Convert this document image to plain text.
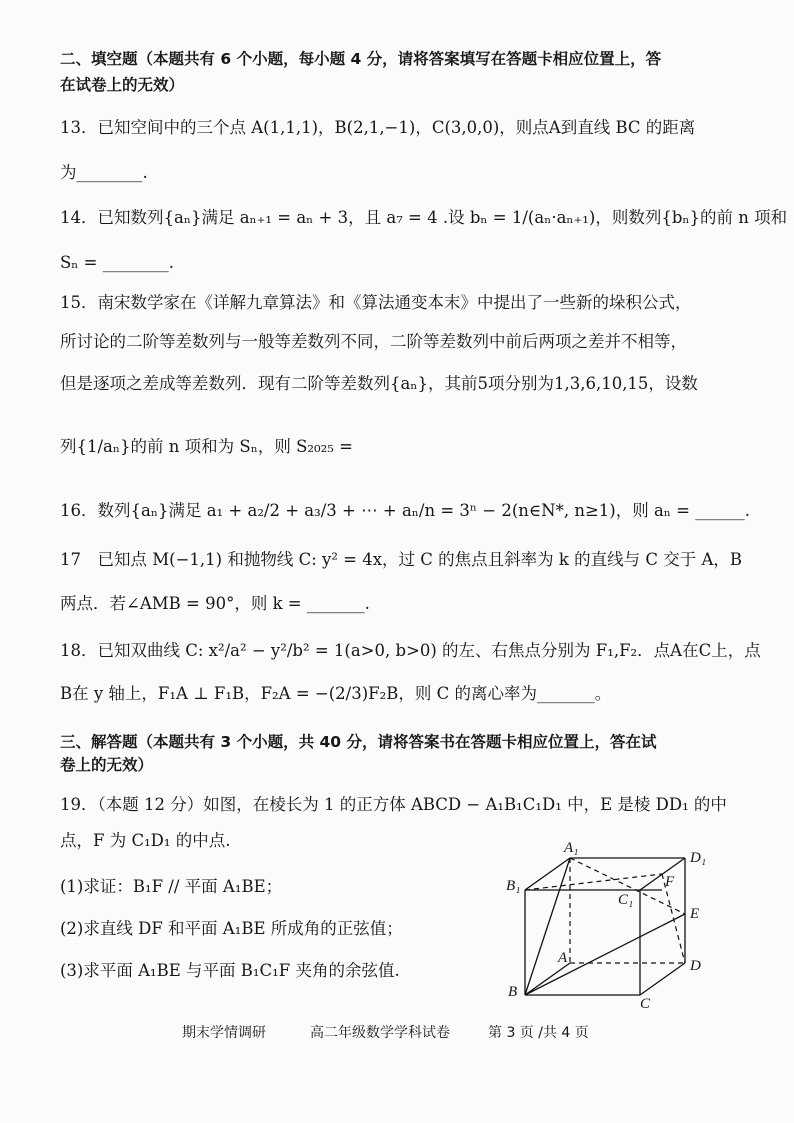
二、填空题（本题共有 6 个小题，每小题 4 分，请将答案填写在答题卡相应位置上，答
在试卷上的无效）
13．已知空间中的三个点 A(1,1,1)，B(2,1,−1)，C(3,0,0)，则点A到直线 BC 的距离
为________.
14．已知数列{aₙ}满足 aₙ₊₁ = aₙ + 3，且 a₇ = 4 .设 bₙ = 1/(aₙ·aₙ₊₁)，则数列{bₙ}的前 n 项和
Sₙ = ________.
15．南宋数学家在《详解九章算法》和《算法通变本末》中提出了一些新的垛积公式，
所讨论的二阶等差数列与一般等差数列不同，二阶等差数列中前后两项之差并不相等，
但是逐项之差成等差数列．现有二阶等差数列{aₙ}，其前5项分别为1,3,6,10,15，设数
列{1/aₙ}的前 n 项和为 Sₙ，则 S₂₀₂₅ =
16．数列{aₙ}满足 a₁ + a₂/2 + a₃/3 + ⋯ + aₙ/n = 3ⁿ − 2(n∈N*, n≥1)，则 aₙ = ______.
17　已知点 M(−1,1) 和抛物线 C: y² = 4x，过 C 的焦点且斜率为 k 的直线与 C 交于 A，B
两点．若∠AMB = 90°，则 k = _______.
18．已知双曲线 C: x²/a² − y²/b² = 1(a>0, b>0) 的左、右焦点分别为 F₁,F₂．点A在C上，点
B在 y 轴上，F₁A ⊥ F₁B，F₂A = −(2/3)F₂B，则 C 的离心率为_______。
三、解答题（本题共有 3 个小题，共 40 分，请将答案书在答题卡相应位置上，答在试
卷上的无效）
19．（本题 12 分）如图，在棱长为 1 的正方体 ABCD − A₁B₁C₁D₁ 中，E 是棱 DD₁ 的中
点，F 为 C₁D₁ 的中点.
(1)求证：B₁F // 平面 A₁BE；
(2)求直线 DF 和平面 A₁BE 所成角的正弦值；
(3)求平面 A₁BE 与平面 B₁C₁F 夹角的余弦值.
A₁
D₁
B₁	F
C₁
E
A	D
B
C
期末学情调研	高二年级数学学科试卷	第 3 页 /共 4 页
